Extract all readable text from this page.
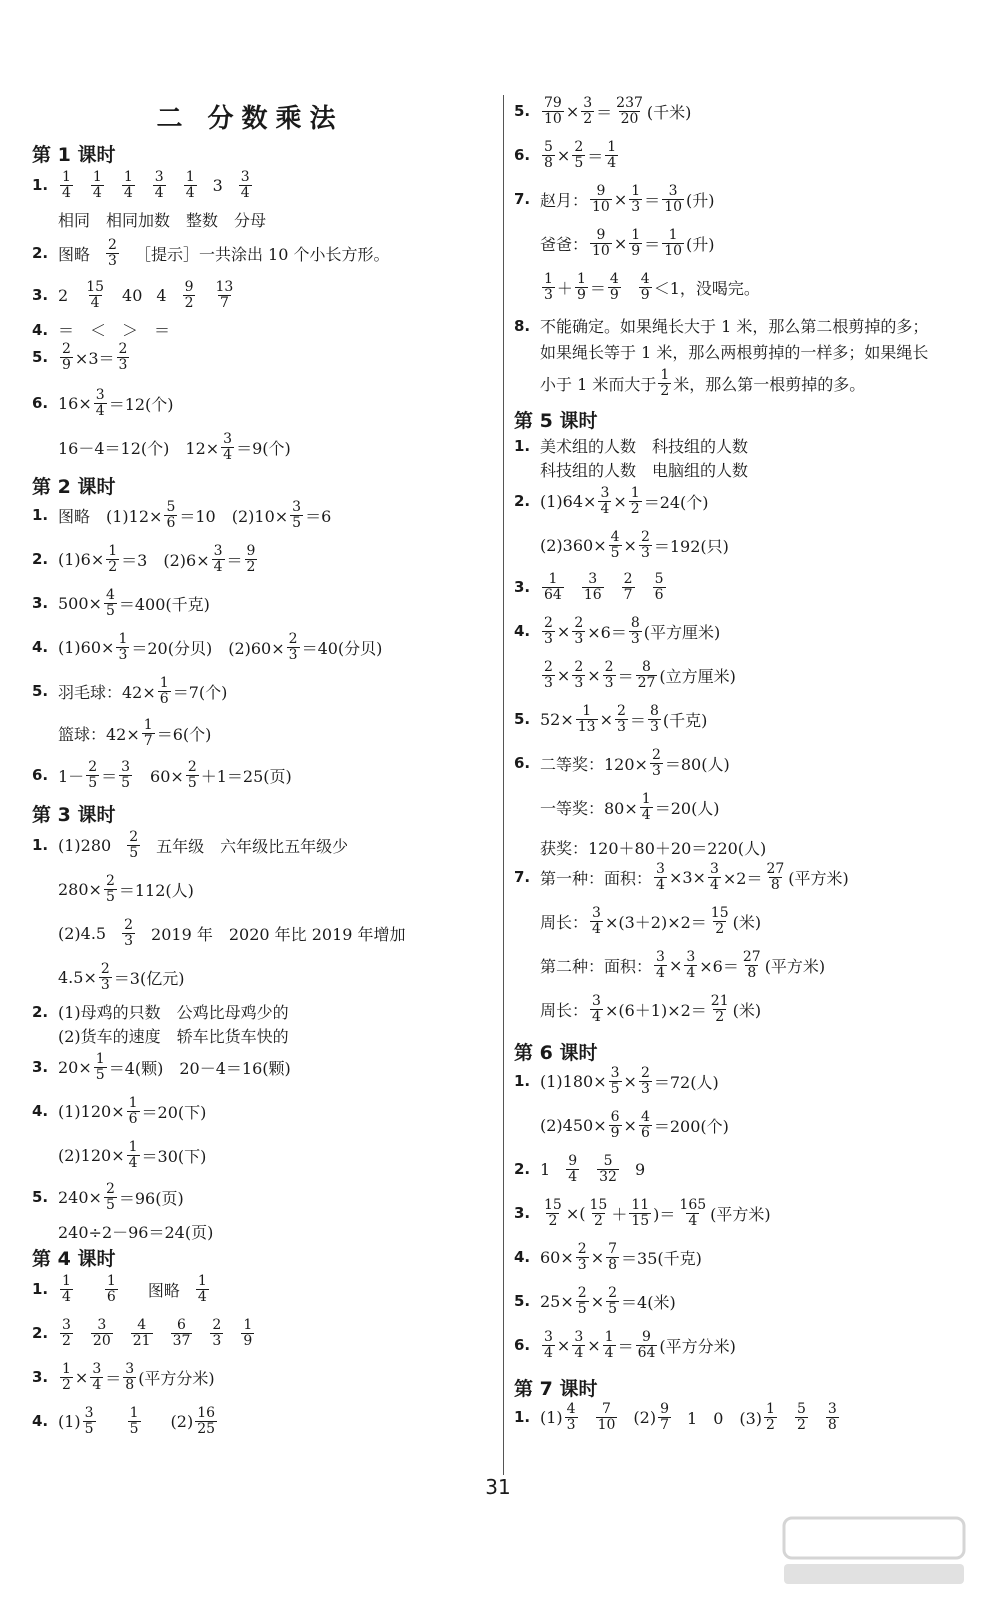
二 分数乘法
第 1 课时
1. $\frac{1}{4} \frac{1}{4} \frac{1}{4} \frac{3}{4} \frac{1}{4} 3 \frac{3}{4}$
相同　相同加数　整数　分母
2. 图略 $\frac{2}{3}$ ［提示］一共涂出 10 个小长方形。
3. $2 \frac{15}{4} 40$ $4 \frac{9}{2} \frac{13}{7}$
4. ＝　＜　＞　＝
5. $\frac{2}{9} \times 3= \frac{2}{3}$
6. $16\times \frac{3}{4} =12$(个)
16－4＝12(个)　$12\times \frac{3}{4} =9$(个)
第 2 课时
1. 图略　$(1)12\times \frac{5}{6} =10$　$(2)10\times \frac{3}{5} =6$
2. $(1)6\times \frac{1}{2} =3$　$(2)6\times \frac{3}{4} = \frac{9}{2}$
3. $500\times \frac{4}{5} =400$(千克)
4. $(1)60\times \frac{1}{3} =20$(分贝)　$(2)60\times \frac{2}{3} =40$(分贝)
5. 羽毛球：$42\times \frac{1}{6} =7$(个)
篮球：$42\times \frac{1}{7} =6$(个)
6. $1- \frac{2}{5} = \frac{3}{5}$ 　$60\times \frac{2}{5} +1=25$(页)
第 3 课时
1. $(1)280 \frac{2}{5}$ 五年级　六年级比五年级少
$280\times \frac{2}{5} =112$(人)
$(2)4.5 \frac{2}{3} 2019$ 年　2020 年比 2019 年增加
$4.5\times \frac{2}{3} =3$(亿元)
2. (1)母鸡的只数　公鸡比母鸡少的
(2)货车的速度　轿车比货车快的
3. $20\times \frac{1}{5} =4$(颗)　20－4＝16(颗)
4. $(1)120\times \frac{1}{6} =20$(下)
$(2)120\times \frac{1}{4} =30$(下)
5. $240\times \frac{2}{5} =96$(页)
240÷2－96＝24(页)
第 4 课时
1. $\frac{1}{4} \frac{1}{6}$ 图略 $\frac{1}{4}$
2. $\frac{3}{2} \frac{3}{20} \frac{4}{21} \frac{6}{37} \frac{2}{3} \frac{1}{9}$
3. $\frac{1}{2} \times \frac{3}{4} = \frac{3}{8}$ (平方分米)
4. $(1) \frac{3}{5} \frac{1}{5} (2) \frac{16}{25}$
5. $\frac{79}{10} \times \frac{3}{2} = \frac{237}{20}$ (千米)
6. $\frac{5}{8} \times \frac{2}{5} = \frac{1}{4}$
7. 赵月： $\frac{9}{10} \times \frac{1}{3} = \frac{3}{10}$ (升)
爸爸： $\frac{9}{10} \times \frac{1}{9} = \frac{1}{10}$ (升)
$\frac{1}{3} + \frac{1}{9} = \frac{4}{9} \frac{4}{9} <1$，没喝完。
8. 不能确定。如果绳长大于 1 米，那么第二根剪掉的多；
如果绳长等于 1 米，那么两根剪掉的一样多；如果绳长
小于 1 米而大于 $\frac{1}{2}$ 米，那么第一根剪掉的多。
第 5 课时
1. 美术组的人数　科技组的人数
科技组的人数　电脑组的人数
2. $(1)64\times \frac{3}{4} \times \frac{1}{2} =24$(个)
$(2)360\times \frac{4}{5} \times \frac{2}{3} =192$(只)
3. $\frac{1}{64} \frac{3}{16} \frac{2}{7} \frac{5}{6}$
4. $\frac{2}{3} \times \frac{2}{3} \times 6= \frac{8}{3}$ (平方厘米)
$\frac{2}{3} \times \frac{2}{3} \times \frac{2}{3} = \frac{8}{27}$ (立方厘米)
5. $52\times \frac{1}{13} \times \frac{2}{3} = \frac{8}{3}$ (千克)
6. 二等奖：$120\times \frac{2}{3} =80$(人)
一等奖：$80\times \frac{1}{4} =20$(人)
获奖：120＋80＋20＝220(人)
7. 第一种：面积： $\frac{3}{4} \times 3\times \frac{3}{4} \times 2= \frac{27}{8}$ (平方米)
周长： $\frac{3}{4} \times(3+2)\times 2= \frac{15}{2}$ (米)
第二种：面积： $\frac{3}{4} \times \frac{3}{4} \times 6= \frac{27}{8}$ (平方米)
周长： $\frac{3}{4} \times(6+1)\times 2= \frac{21}{2}$ (米)
第 6 课时
1. $(1)180\times \frac{3}{5} \times \frac{2}{3} =72$(人)
$(2)450\times \frac{6}{9} \times \frac{4}{6} =200$(个)
2. $1 \frac{9}{4} \frac{5}{32} 9$
3. $\frac{15}{2}$ ×( $\frac{15}{2} + \frac{11}{15}$ )＝ $\frac{165}{4}$ (平方米)
4. $60\times \frac{2}{3} \times \frac{7}{8} =35$(千克)
5. $25\times \frac{2}{5} \times \frac{2}{5} =4$(米)
6. $\frac{3}{4} \times \frac{3}{4} \times \frac{1}{4} = \frac{9}{64}$ (平方分米)
第 7 课时
1. $(1) \frac{4}{3} \frac{7}{10} (2) \frac{9}{7} 1$　0　$(3) \frac{1}{2} \frac{5}{2} \frac{3}{8}$
31
